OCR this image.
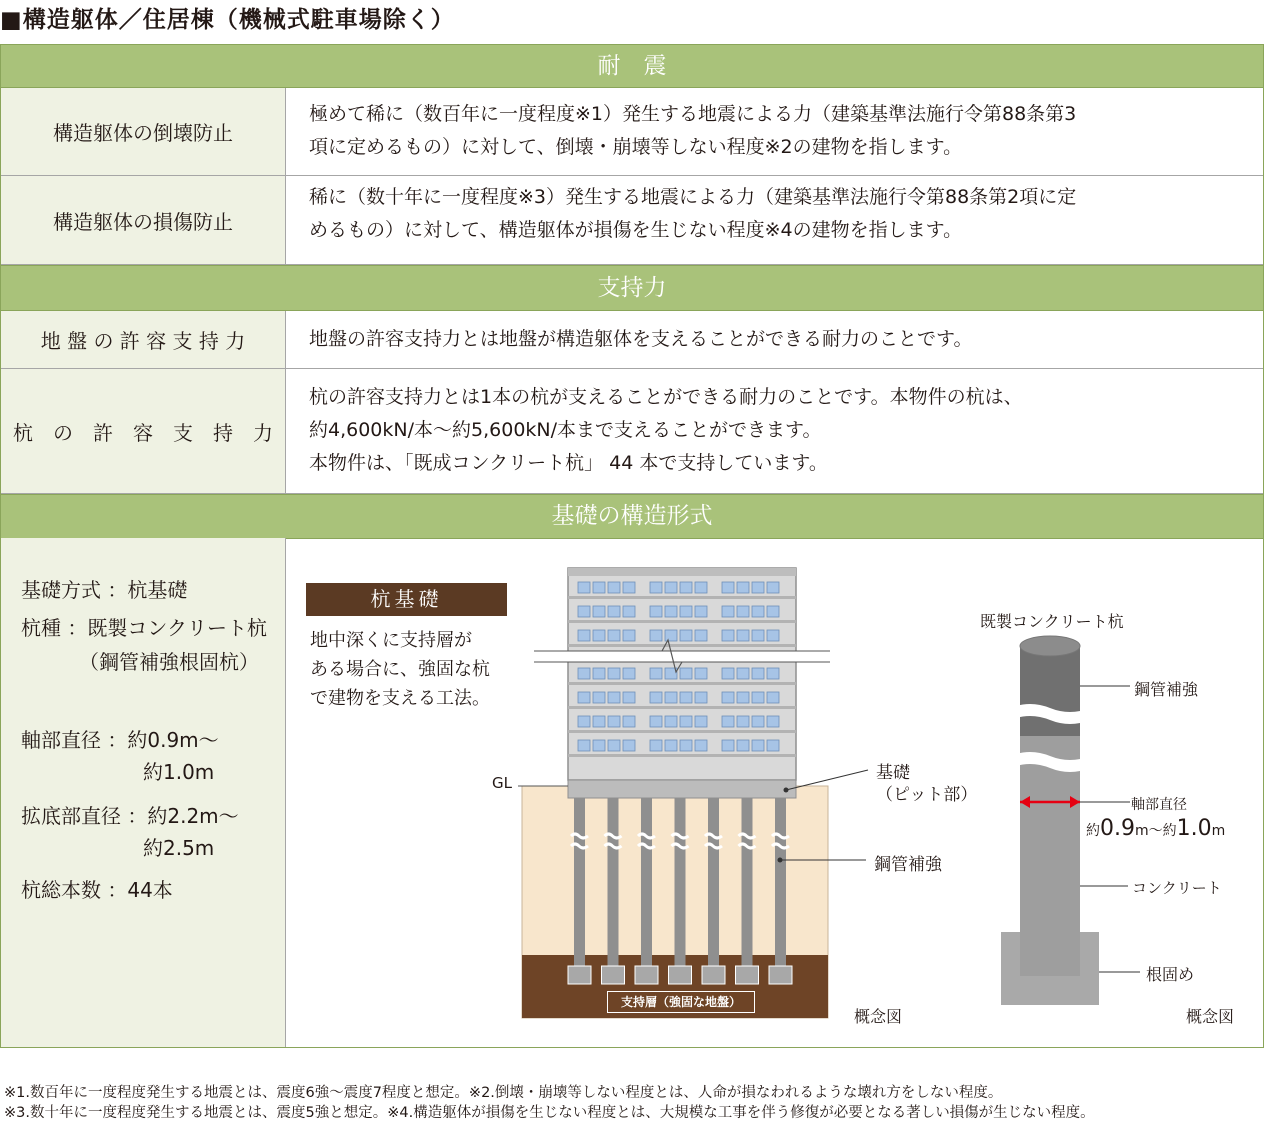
■構造躯体／住居棟（機械式駐車場除く）
耐　震
構造躯体の倒壊防止
極めて稀に（数百年に一度程度※1）発生する地震による力（建築基準法施行令第88条第3
項に定めるもの）に対して、倒壊・崩壊等しない程度※2の建物を指します。
構造躯体の損傷防止
稀に（数十年に一度程度※3）発生する地震による力（建築基準法施行令第88条第2項に定
めるもの）に対して、構造躯体が損傷を生じない程度※4の建物を指します。
支持力
地 盤 の 許 容 支 持 力	地盤の許容支持力とは地盤が構造躯体を支えることができる耐力のことです。
杭　の　許　容　支　持　力
杭の許容支持力とは1本の杭が支えることができる耐力のことです。本物件の杭は、
約4,600kN/本～約5,600kN/本まで支えることができます。
本物件は、「既成コンクリート杭」 44 本で支持しています。
基礎の構造形式
基礎方式 ：杭基礎
杭種 ：既製コンクリート杭
（鋼管補強根固杭）
軸部直径 ：約0.9m～
約1.0m
拡底部直径 ：約2.2m～
約2.5m
杭総本数 ：44本
杭基礎
地中深くに支持層が
ある場合に、強固な杭
で建物を支える工法。
GL	基礎
（ピット部）
鋼管補強
支持層（強固な地盤）
概念図
既製コンクリート杭
鋼管補強
軸部直径
約0.9m～約1.0m
コンクリート
根固め
概念図
※1.数百年に一度程度発生する地震とは、震度6強～震度7程度と想定。※2.倒壊・崩壊等しない程度とは、人命が損なわれるような壊れ方をしない程度。
※3.数十年に一度程度発生する地震とは、震度5強と想定。※4.構造躯体が損傷を生じない程度とは、大規模な工事を伴う修復が必要となる著しい損傷が生じない程度。
